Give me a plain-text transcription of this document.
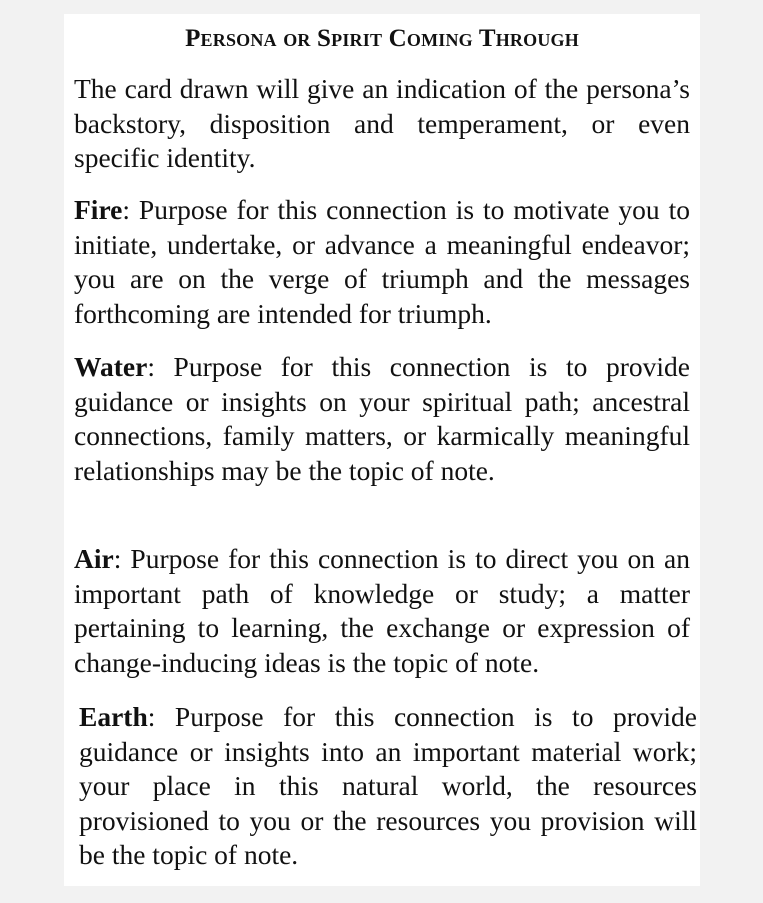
Persona or Spirit Coming Through

The card drawn will give an indication of the persona’s backstory, disposition and temperament, or even specific identity.

Fire: Purpose for this connection is to motivate you to initiate, undertake, or advance a meaningful endeavor; you are on the verge of triumph and the messages forthcoming are intended for triumph.

Water: Purpose for this connection is to provide guidance or insights on your spiritual path; ancestral connections, family matters, or karmically meaningful relationships may be the topic of note.

Air: Purpose for this connection is to direct you on an important path of knowledge or study; a matter pertaining to learning, the exchange or expression of change-inducing ideas is the topic of note.

Earth: Purpose for this connection is to provide guidance or insights into an important material work; your place in this natural world, the resources provisioned to you or the resources you provision will be the topic of note.
